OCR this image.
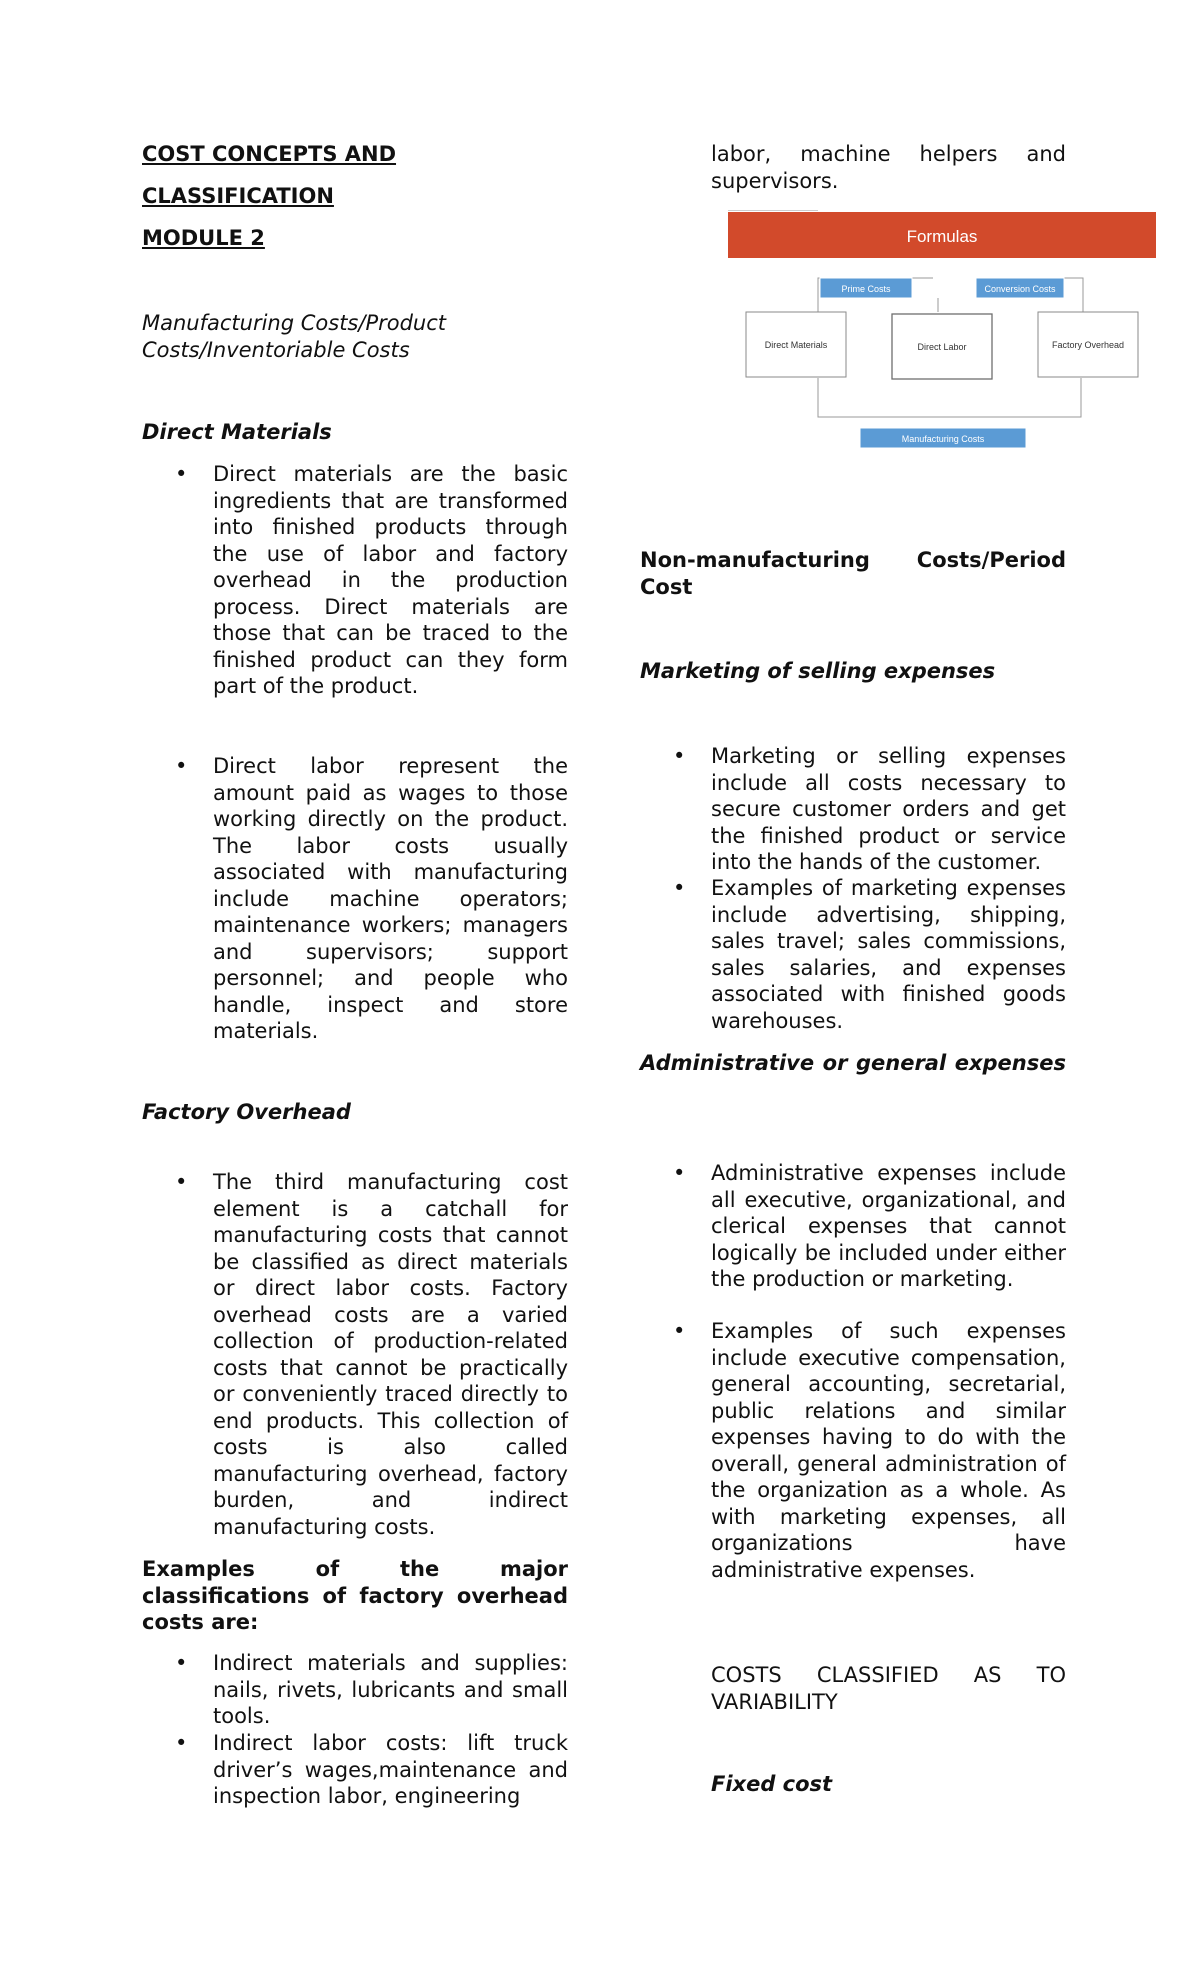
COST CONCEPTS AND
CLASSIFICATION
MODULE 2
Manufacturing Costs/Product Costs/Inventoriable Costs
Direct Materials
• Direct materials are the basic ingredients that are transformed into finished products through the use of labor and factory overhead in the production process. Direct materials are those that can be traced to the finished product can they form part of the product.
• Direct labor represent the amount paid as wages to those working directly on the product. The labor costs usually associated with manufacturing include machine operators; maintenance workers; managers and supervisors; support personnel; and people who handle, inspect and store materials.
Factory Overhead
• The third manufacturing cost element is a catchall for manufacturing costs that cannot be classified as direct materials or direct labor costs. Factory overhead costs are a varied collection of production-related costs that cannot be practically or conveniently traced directly to end products. This collection of costs is also called manufacturing overhead, factory burden, and indirect manufacturing costs.
Examples of the major classifications of factory overhead costs are:
• Indirect materials and supplies: nails, rivets, lubricants and small tools.
• Indirect labor costs: lift truck driver’s wages,maintenance and inspection labor, engineering
labor, machine helpers and supervisors.
Formulas
Prime Costs	Conversion Costs
Direct Materials	Direct Labor	Factory Overhead
Manufacturing Costs
Non-manufacturing Costs/Period Cost
Marketing of selling expenses
• Marketing or selling expenses include all costs necessary to secure customer orders and get the finished product or service into the hands of the customer.
• Examples of marketing expenses include advertising, shipping, sales travel; sales commissions, sales salaries, and expenses associated with finished goods warehouses.
Administrative or general expenses
• Administrative expenses include all executive, organizational, and clerical expenses that cannot logically be included under either the production or marketing.
• Examples of such expenses include executive compensation, general accounting, secretarial, public relations and similar expenses having to do with the overall, general administration of the organization as a whole. As with marketing expenses, all organizations have administrative expenses.
COSTS CLASSIFIED AS TO VARIABILITY
Fixed cost
